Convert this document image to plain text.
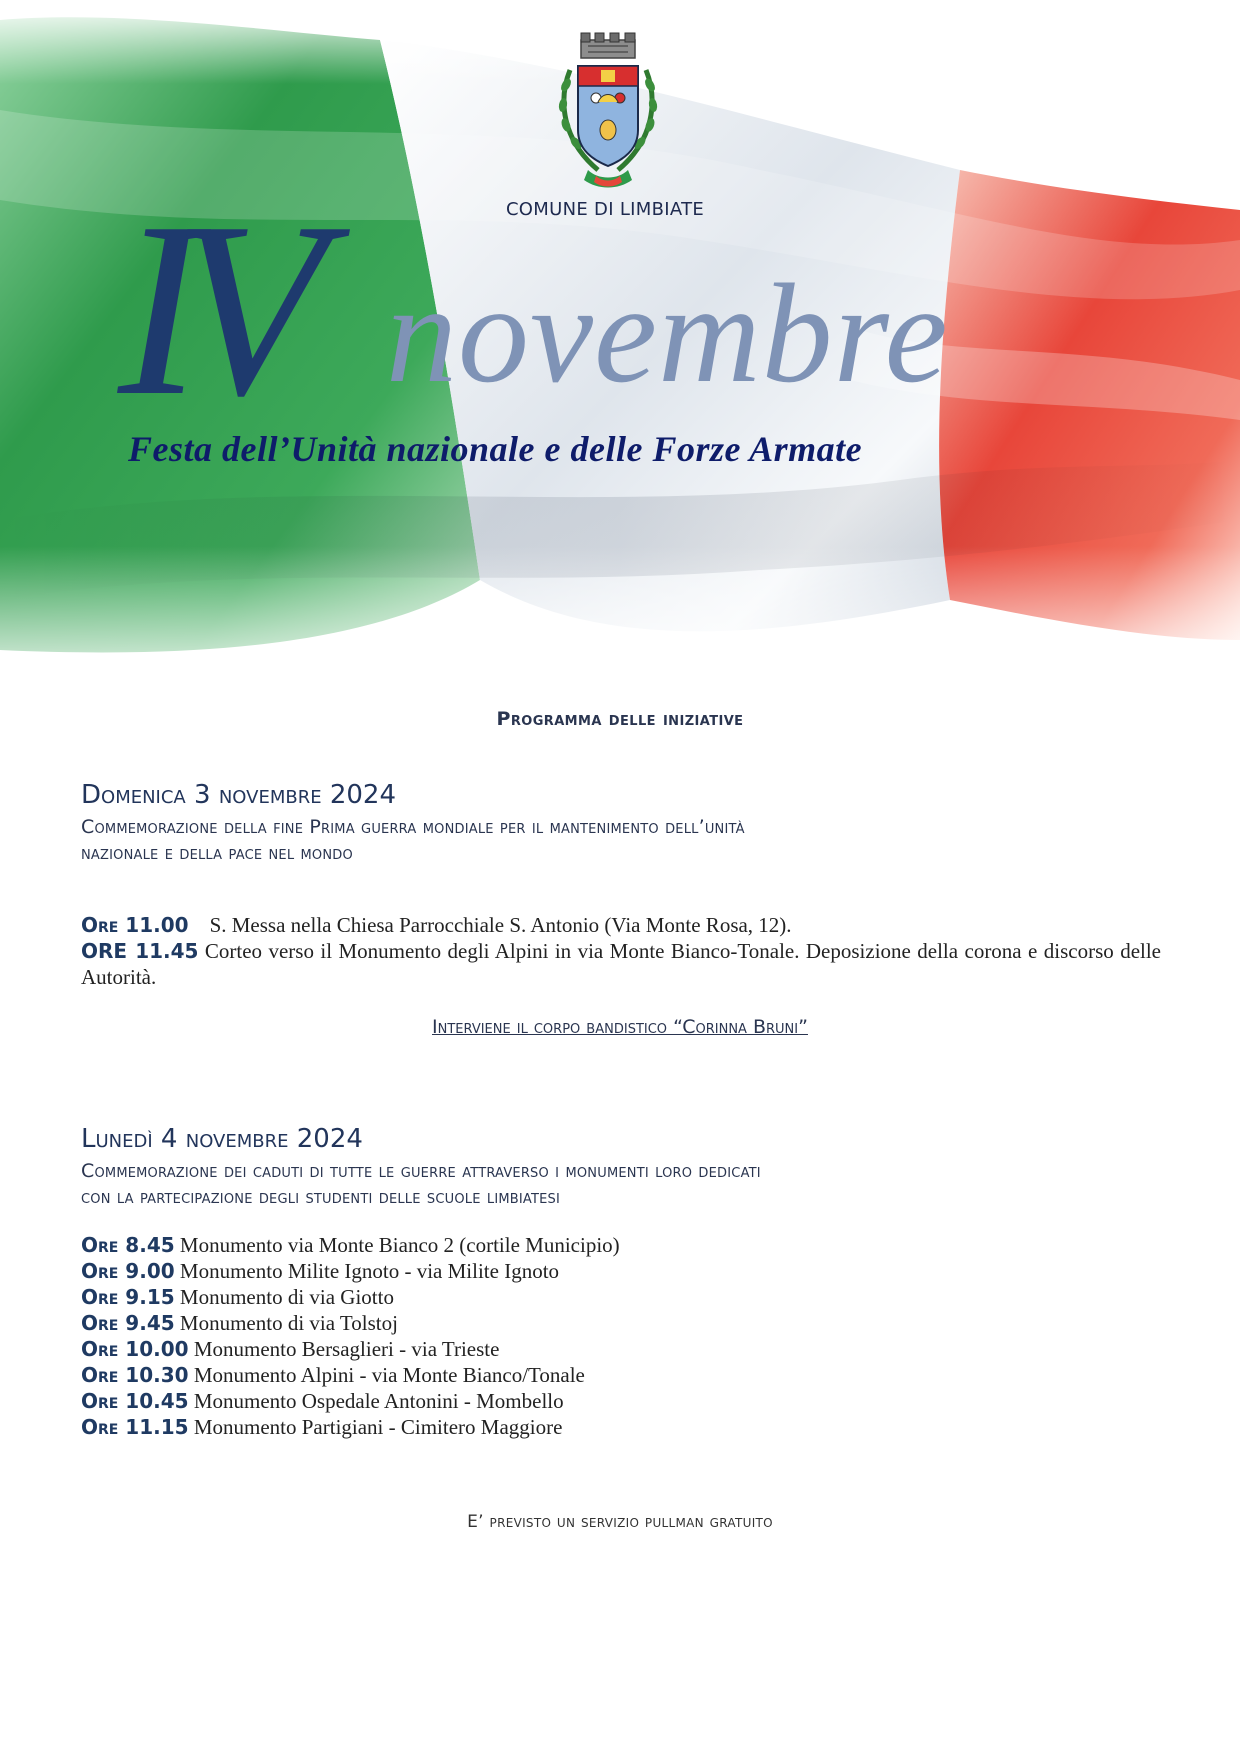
COMUNE DI LIMBIATE
IV novembre
Festa dell’Unità nazionale e delle Forze Armate
Programma delle iniziative
Domenica 3 novembre 2024
Commemorazione della fine Prima guerra mondiale per il mantenimento dell’unità
nazionale e della pace nel mondo
Ore 11.00 S. Messa nella Chiesa Parrocchiale S. Antonio (Via Monte Rosa, 12).
ORE 11.45 Corteo verso il Monumento degli Alpini in via Monte Bianco-Tonale. Deposizione della corona e discorso delle Autorità.
Interviene il corpo bandistico “Corinna Bruni”
Lunedì 4 novembre 2024
Commemorazione dei caduti di tutte le guerre attraverso i monumenti loro dedicati
con la partecipazione degli studenti delle scuole limbiatesi
Ore 8.45 Monumento via Monte Bianco 2 (cortile Municipio)
Ore 9.00 Monumento Milite Ignoto - via Milite Ignoto
Ore 9.15 Monumento di via Giotto
Ore 9.45 Monumento di via Tolstoj
Ore 10.00 Monumento Bersaglieri - via Trieste
Ore 10.30 Monumento Alpini - via Monte Bianco/Tonale
Ore 10.45 Monumento Ospedale Antonini - Mombello
Ore 11.15 Monumento Partigiani - Cimitero Maggiore
E’ previsto un servizio pullman gratuito
